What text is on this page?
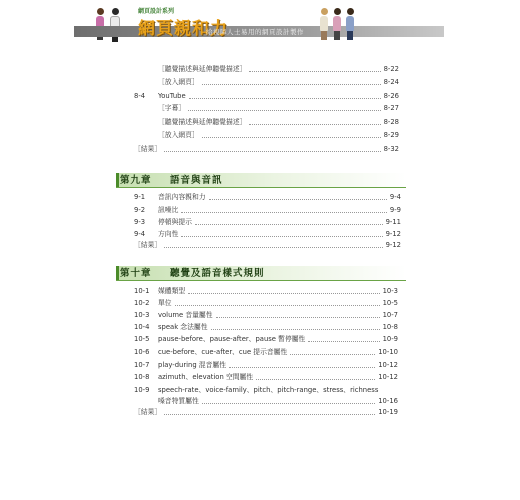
網頁設計系列
網頁親和力
給視障人士易用的網頁設計製作
第九章 語音與音訊
第十章 聽覺及語音樣式規則
［聽覺描述與延伸聽覺描述］	8-22
［放入網頁］	8-24
8-4	YouTube	8-26
［字幕］	8-27
［聽覺描述與延伸聽覺描述］	8-28
［放入網頁］	8-29
［結果］	8-32
9-1	音訊內容親和力	9-4
9-2	訊噪比	9-9
9-3	停頓與提示	9-11
9-4	方向性	9-12
［結果］	9-12
10-1	媒體類型	10-3
10-2	單位	10-5
10-3	volume 音量屬性	10-7
10-4	speak 念法屬性	10-8
10-5	pause-before、pause-after、pause 暫停屬性	10-9
10-6	cue-before、cue-after、cue 提示音屬性	10-10
10-7	play-during 混音屬性	10-12
10-8	azimuth、elevation 空間屬性	10-12
10-9	speech-rate、voice-family、pitch、pitch-range、stress、richness
嗓音特質屬性	10-16
［結果］	10-19
